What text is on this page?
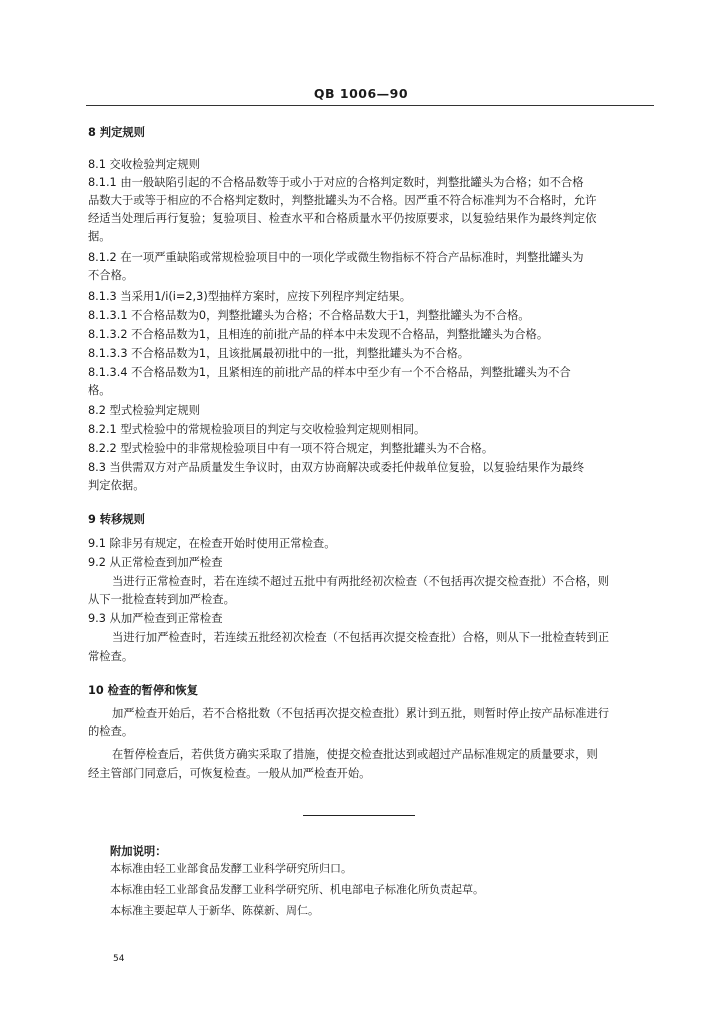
QB 1006—90
8 判定规则
8.1 交收检验判定规则
8.1.1 由一般缺陷引起的不合格品数等于或小于对应的合格判定数时，判整批罐头为合格；如不合格
品数大于或等于相应的不合格判定数时，判整批罐头为不合格。因严重不符合标准判为不合格时，允许
经适当处理后再行复验；复验项目、检查水平和合格质量水平仍按原要求，以复验结果作为最终判定依
据。
8.1.2 在一项严重缺陷或常规检验项目中的一项化学或微生物指标不符合产品标准时，判整批罐头为
不合格。
8.1.3 当采用1/i(i=2,3)型抽样方案时，应按下列程序判定结果。
8.1.3.1 不合格品数为0，判整批罐头为合格；不合格品数大于1，判整批罐头为不合格。
8.1.3.2 不合格品数为1，且相连的前i批产品的样本中未发现不合格品，判整批罐头为合格。
8.1.3.3 不合格品数为1，且该批属最初i批中的一批，判整批罐头为不合格。
8.1.3.4 不合格品数为1，且紧相连的前i批产品的样本中至少有一个不合格品，判整批罐头为不合
格。
8.2 型式检验判定规则
8.2.1 型式检验中的常规检验项目的判定与交收检验判定规则相同。
8.2.2 型式检验中的非常规检验项目中有一项不符合规定，判整批罐头为不合格。
8.3 当供需双方对产品质量发生争议时，由双方协商解决或委托仲裁单位复验，以复验结果作为最终
判定依据。
9 转移规则
9.1 除非另有规定，在检查开始时使用正常检查。
9.2 从正常检查到加严检查
当进行正常检查时，若在连续不超过五批中有两批经初次检查（不包括再次提交检查批）不合格，则
从下一批检查转到加严检查。
9.3 从加严检查到正常检查
当进行加严检查时，若连续五批经初次检查（不包括再次提交检查批）合格，则从下一批检查转到正
常检查。
10 检查的暂停和恢复
加严检查开始后，若不合格批数（不包括再次提交检查批）累计到五批，则暂时停止按产品标准进行
的检查。
在暂停检查后，若供货方确实采取了措施，使提交检查批达到或超过产品标准规定的质量要求，则
经主管部门同意后，可恢复检查。一般从加严检查开始。
附加说明：
本标准由轻工业部食品发酵工业科学研究所归口。
本标准由轻工业部食品发酵工业科学研究所、机电部电子标准化所负责起草。
本标准主要起草人于新华、陈葆新、周仁。
54
